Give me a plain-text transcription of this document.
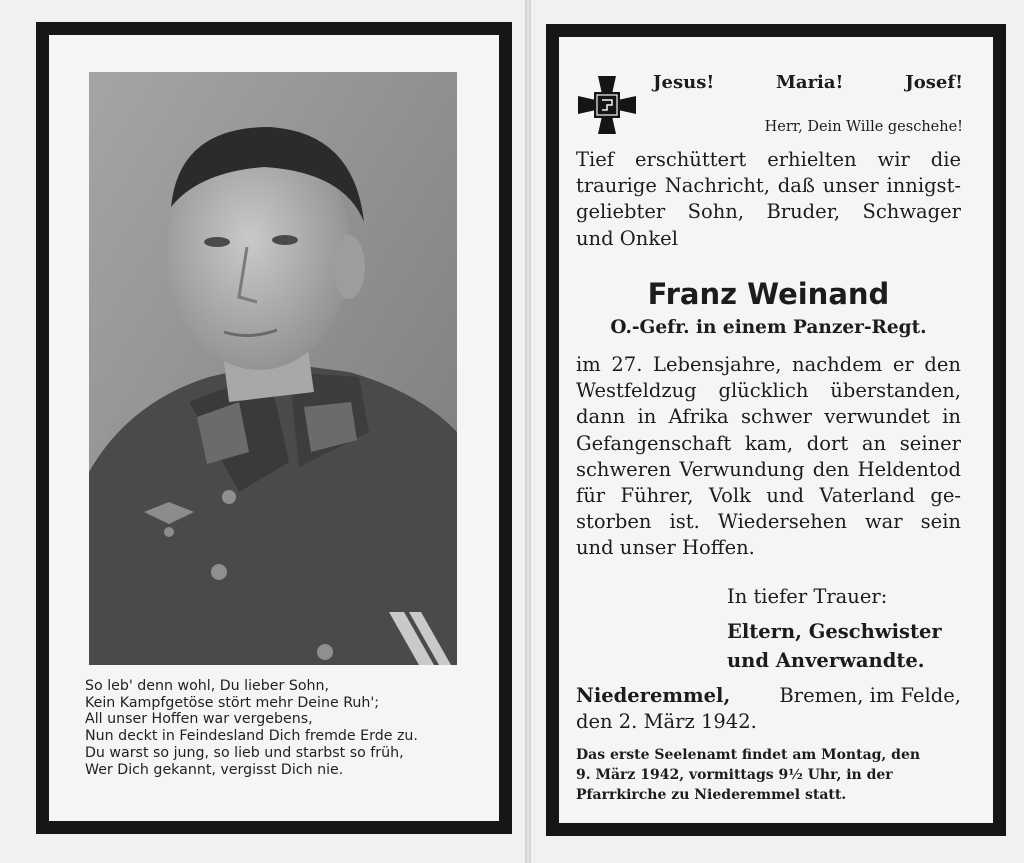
So leb' denn wohl, Du lieber Sohn,
Kein Kampfgetöse stört mehr Deine Ruh';
All unser Hoffen war vergebens,
Nun deckt in Feindesland Dich fremde Erde zu.
Du warst so jung, so lieb und starbst so früh,
Wer Dich gekannt, vergisst Dich nie.
Jesus!	Maria!	Josef!
Herr, Dein Wille geschehe!
Tief erschüttert erhielten wir die
traurige Nachricht, daß unser innigst-
geliebter Sohn, Bruder, Schwager
und Onkel
Franz Weinand
O.-Gefr. in einem Panzer-Regt.
im 27. Lebensjahre, nachdem er den
Westfeldzug glücklich überstanden,
dann in Afrika schwer verwundet in
Gefangenschaft kam, dort an seiner
schweren Verwundung den Heldentod
für Führer, Volk und Vaterland ge-
storben ist. Wiedersehen war sein
und unser Hoffen.
In tiefer Trauer:
Eltern, Geschwister
und Anverwandte.
Niederemmel,	Bremen, im Felde,
den 2. März 1942.
Das erste Seelenamt findet am Montag, den
9. März 1942, vormittags 9½ Uhr, in der
Pfarrkirche zu Niederemmel statt.
